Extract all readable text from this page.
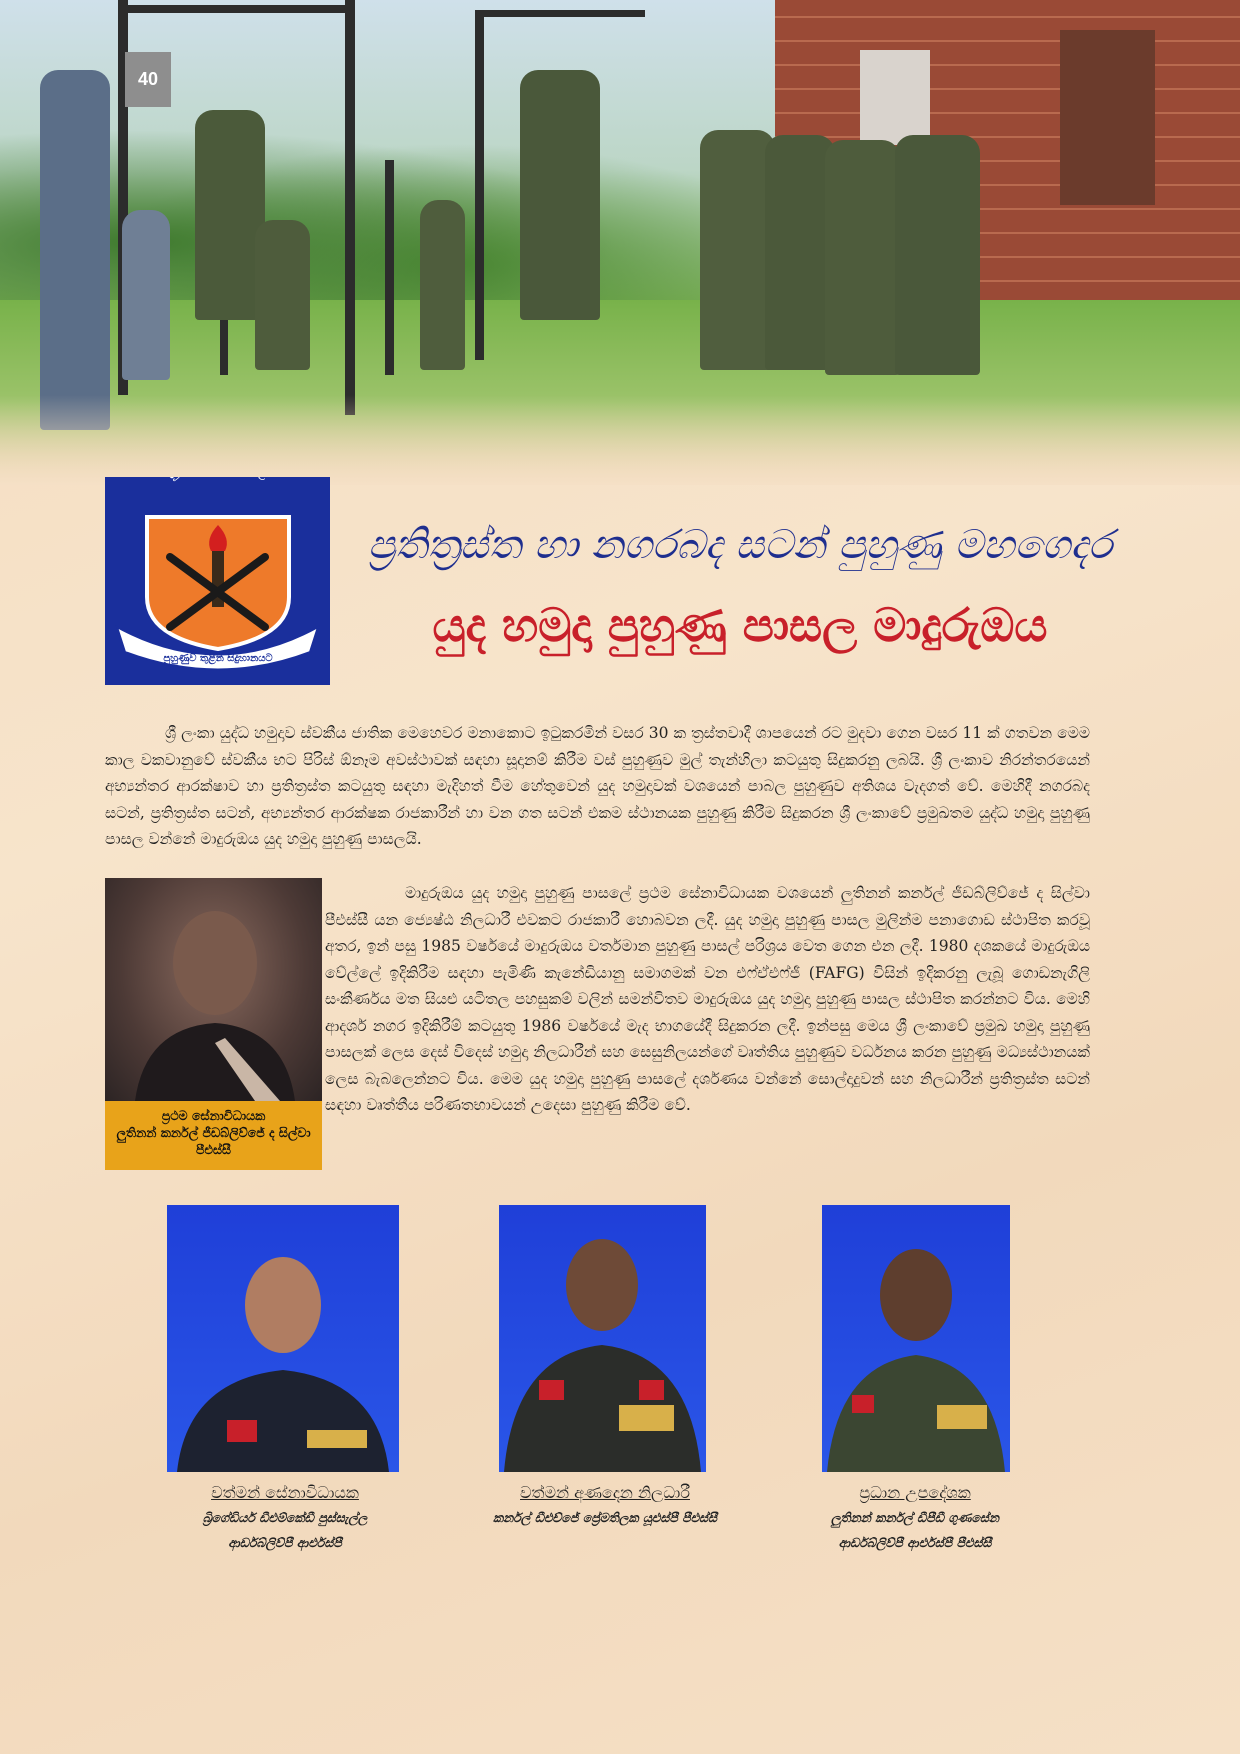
40
පුහුණුව තුළින් සිදුහානයට
ප්‍රතිත්‍රස්ත හා නගරබද සටන් පුහුණු මහගෙදර
යුද හමුදා පුහුණු පාසල මාදුරුඔය
ශ්‍රී ලංකා යුද්ධ හමුදාව ස්වකීය ජාතික මෙහෙවර මනාකොට ඉටුකරමින් වසර 30 ක ත්‍රස්තවාදී ශාපයෙන් රට මුදවා ගෙන වසර 11 ක් ගතවන මෙම කාල වකවානුවේ ස්වකීය භට පිරිස් ඕනෑම අවස්ථාවක් සඳහා සූදානම් කිරීම වස් පුහුණුව මුල් තැන්හිලා කටයුතු සිදුකරනු ලබයි. ශ්‍රී ලංකාව නිරන්තරයෙන් අභ්‍යන්තර ආරක්ෂාව හා ප්‍රතිත්‍රස්ත කටයුතු සඳහා මැදිහත් වීම හේතුවෙන් යුද හමුදාවක් වශයෙන් පාබල පුහුණුව අතිශය වැදගත් වේ. මෙහිදී නගරබද සටන්, ප්‍රතිත්‍රස්ත සටන්, අභ්‍යන්තර ආරක්ෂක රාජකාරීන් හා වන ගත සටන් එකම ස්ථානයක පුහුණු කිරීම සිදුකරන ශ්‍රී ලංකාවේ ප්‍රමුඛතම යුද්ධ හමුදා පුහුණු පාසල වන්නේ මාදුරුඔය යුද හමුදා පුහුණු පාසලයි.
ප්‍රථම සේනාවිධායක
ලුතිනන් කර්නල් ජීඩබ්ලිව්ජේ ද සිල්වා පීඑස්සී
මාදුරුඔය යුද හමුදා පුහුණු පාසලේ ප්‍රථම සේනාවිධායක වශයෙන් ලුතිනන් කර්නල් ජීඩබ්ලිව්ජේ ද සිල්වා පීඑස්සී යන ජ්‍යෙෂ්ඨ නිලධාරී එවකට රාජකාරී හොබවන ලදී. යුද හමුදා පුහුණු පාසල මුලින්ම පනාගොඩ ස්ථාපිත කරවූ අතර, ඉන් පසු 1985 වර්ෂයේ මාදුරුඔය වර්තමාන පුහුණු පාසල් පරිශ්‍රය වෙත ගෙන එන ලදී. 1980 දශකයේ මාදුරුඔය වේල්ලේ ඉදිකිරීම සඳහා පැමිණි කැනේඩියානු සමාගමක් වන එෆ්ඒඑෆ්ජී (FAFG) විසින් ඉදිකරනු ලැබූ ගොඩනැගිලි සංකීර්ණය මත සියළු යටිතල පහසුකම් වලින් සමන්විතව මාදුරුඔය යුද හමුදා පුහුණු පාසල ස්ථාපිත කරන්නට විය. මෙහි ආදර්ශ නගර ඉදිකිරීම් කටයුතු 1986 වර්ෂයේ මැද භාගයේදී සිදුකරන ලදී. ඉන්පසු මෙය ශ්‍රී ලංකාවේ ප්‍රමුඛ හමුදා පුහුණු පාසලක් ලෙස දෙස් විදෙස් හමුදා නිලධාරීන් සහ සෙසුනිලයන්ගේ වෘත්තිය පුහුණුව වර්ධනය කරන පුහුණු මධ්‍යස්ථානයක් ලෙස බැබලෙන්නට විය. මෙම යුද හමුදා පුහුණු පාසලේ දර්ශණය වන්නේ සොල්දාදුවන් සහ නිලධාරීන් ප්‍රතිත්‍රස්ත සටන් සඳහා වෘත්තීය පරිණතභාවයන් උදෙසා පුහුණු කිරීම වේ.
වත්මන් සේනාවිධායක
බ්‍රිගේඩියර් ඩීඑම්කේඩී පුස්සැල්ල
ආර්ඩබ්ලිව්පී ආර්එස්පී
වත්මන් අණදෙන නිලධාරී
කර්නල් ඩීඑච්ජේ ප්‍රේමතිලක යූඑස්පී පීඑස්සී
ප්‍රධාන උපදේශක
ලුතිනන් කර්නල් ඩීපීඩී ගුණසේන
ආර්ඩබ්ලිව්පී ආර්එස්පී පීඑස්සී
